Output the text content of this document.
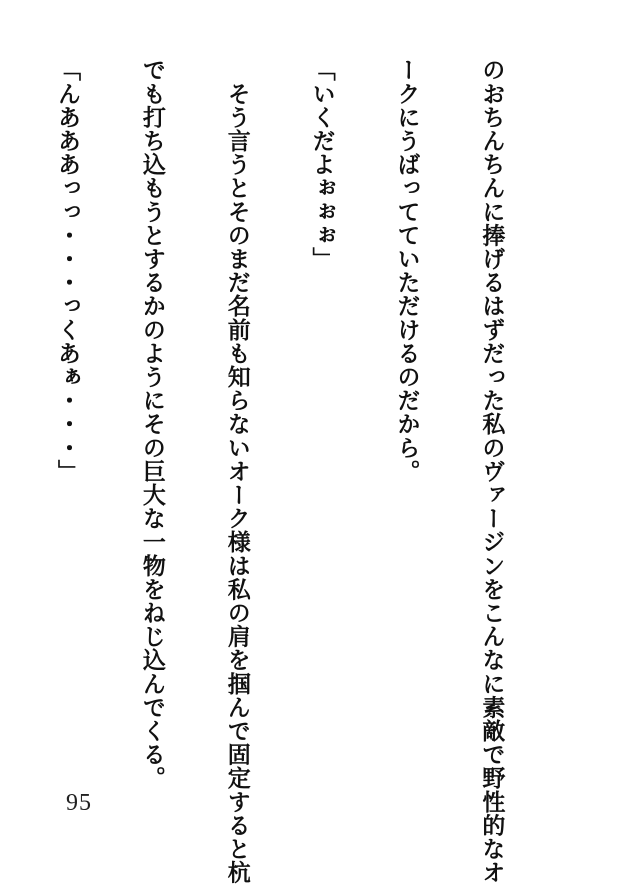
のおちんちんに捧げるはずだった私のヴァージンをこんなに素敵で野性的なオ

ークにうばってていただけるのだから。

「いくだよぉぉぉ」

　そう言うとそのまだ名前も知らないオーク様は私の肩を掴んで固定すると杭

でも打ち込もうとするかのようにその巨大な一物をねじ込んでくる。

「んあああっっ・・・っくあぁ・・・」

95
